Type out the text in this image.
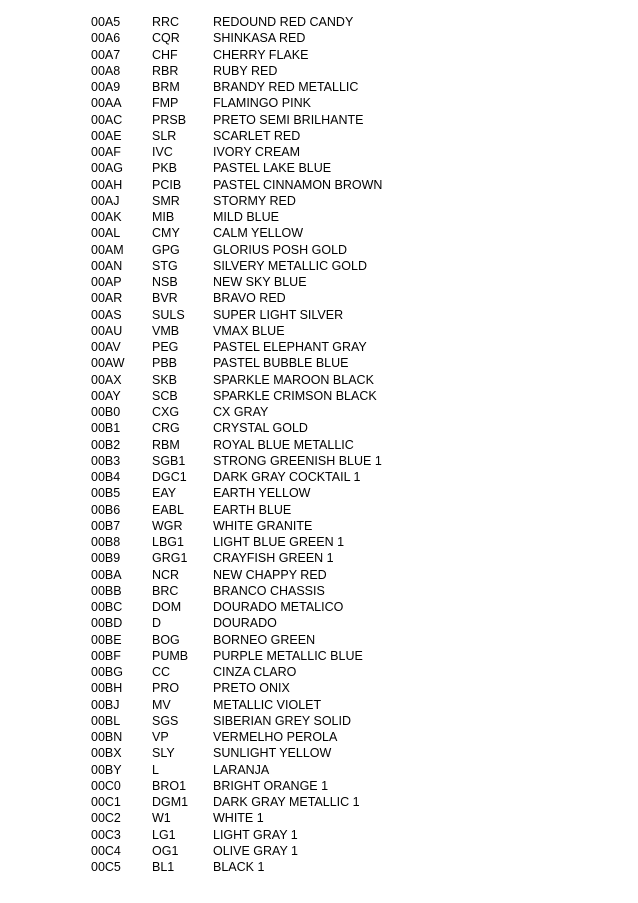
00A5	RRC	REDOUND RED CANDY
00A6	CQR	SHINKASA RED
00A7	CHF	CHERRY FLAKE
00A8	RBR	RUBY RED
00A9	BRM	BRANDY RED METALLIC
00AA	FMP	FLAMINGO PINK
00AC	PRSB	PRETO SEMI BRILHANTE
00AE	SLR	SCARLET RED
00AF	IVC	IVORY CREAM
00AG	PKB	PASTEL LAKE BLUE
00AH	PCIB	PASTEL CINNAMON BROWN
00AJ	SMR	STORMY RED
00AK	MIB	MILD BLUE
00AL	CMY	CALM YELLOW
00AM	GPG	GLORIUS POSH GOLD
00AN	STG	SILVERY METALLIC GOLD
00AP	NSB	NEW SKY BLUE
00AR	BVR	BRAVO RED
00AS	SULS	SUPER LIGHT SILVER
00AU	VMB	VMAX BLUE
00AV	PEG	PASTEL ELEPHANT GRAY
00AW	PBB	PASTEL BUBBLE BLUE
00AX	SKB	SPARKLE MAROON BLACK
00AY	SCB	SPARKLE CRIMSON BLACK
00B0	CXG	CX GRAY
00B1	CRG	CRYSTAL GOLD
00B2	RBM	ROYAL BLUE METALLIC
00B3	SGB1	STRONG GREENISH BLUE 1
00B4	DGC1	DARK GRAY COCKTAIL 1
00B5	EAY	EARTH YELLOW
00B6	EABL	EARTH BLUE
00B7	WGR	WHITE GRANITE
00B8	LBG1	LIGHT BLUE GREEN 1
00B9	GRG1	CRAYFISH GREEN 1
00BA	NCR	NEW CHAPPY RED
00BB	BRC	BRANCO CHASSIS
00BC	DOM	DOURADO METALICO
00BD	D	DOURADO
00BE	BOG	BORNEO GREEN
00BF	PUMB	PURPLE METALLIC BLUE
00BG	CC	CINZA CLARO
00BH	PRO	PRETO ONIX
00BJ	MV	METALLIC VIOLET
00BL	SGS	SIBERIAN GREY SOLID
00BN	VP	VERMELHO PEROLA
00BX	SLY	SUNLIGHT YELLOW
00BY	L	LARANJA
00C0	BRO1	BRIGHT ORANGE 1
00C1	DGM1	DARK GRAY METALLIC 1
00C2	W1	WHITE 1
00C3	LG1	LIGHT GRAY 1
00C4	OG1	OLIVE GRAY 1
00C5	BL1	BLACK 1
